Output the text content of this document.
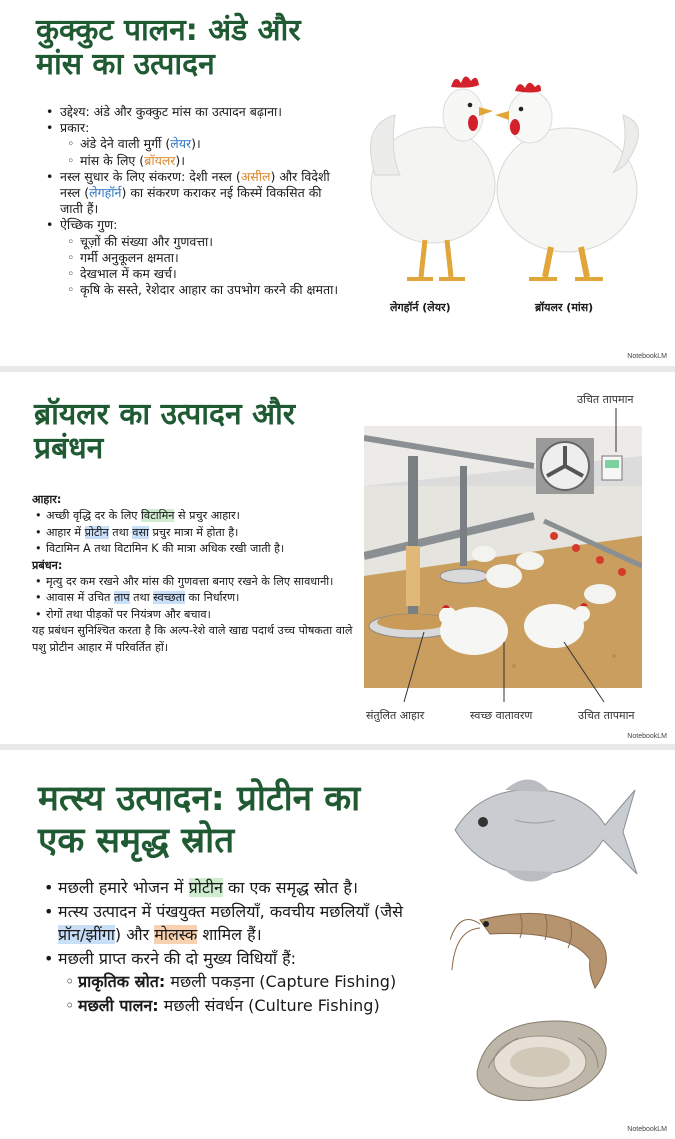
कुक्कुट पालन: अंडे और मांस का उत्पादन
• उद्देश्य: अंडे और कुक्कुट मांस का उत्पादन बढ़ाना।
• प्रकार:
◦ अंडे देने वाली मुर्गी (लेयर)।
◦ मांस के लिए (ब्रॉयलर)।
• नस्ल सुधार के लिए संकरण: देशी नस्ल (असील) और विदेशी नस्ल (लेगहॉर्न) का संकरण कराकर नई किस्में विकसित की जाती हैं।
• ऐच्छिक गुण:
◦ चूज़ों की संख्या और गुणवत्ता।
◦ गर्मी अनुकूलन क्षमता।
◦ देखभाल में कम खर्च।
◦ कृषि के सस्ते, रेशेदार आहार का उपभोग करने की क्षमता।
लेगहॉर्न (लेयर)	ब्रॉयलर (मांस)
NotebookLM
ब्रॉयलर का उत्पादन और प्रबंधन
आहार:
• अच्छी वृद्धि दर के लिए विटामिन से प्रचुर आहार।
• आहार में प्रोटीन तथा वसा प्रचुर मात्रा में होता है।
• विटामिन A तथा विटामिन K की मात्रा अधिक रखी जाती है।
प्रबंधन:
• मृत्यु दर कम रखने और मांस की गुणवत्ता बनाए रखने के लिए सावधानी।
• आवास में उचित ताप तथा स्वच्छता का निर्धारण।
• रोगों तथा पीड़कों पर नियंत्रण और बचाव।
यह प्रबंधन सुनिश्चित करता है कि अल्प-रेशे वाले खाद्य पदार्थ उच्च पोषकता वाले पशु प्रोटीन आहार में परिवर्तित हों।
उचित तापमान
संतुलित आहार	स्वच्छ वातावरण	उचित तापमान
NotebookLM
मत्स्य उत्पादन: प्रोटीन का एक समृद्ध स्रोत
• मछली हमारे भोजन में प्रोटीन का एक समृद्ध स्रोत है।
• मत्स्य उत्पादन में पंखयुक्त मछलियाँ, कवचीय मछलियाँ (जैसे प्रॉन/झींगा) और मोलस्क शामिल हैं।
• मछली प्राप्त करने की दो मुख्य विधियाँ हैं:
◦ प्राकृतिक स्रोत: मछली पकड़ना (Capture Fishing)
◦ मछली पालन: मछली संवर्धन (Culture Fishing)
NotebookLM
